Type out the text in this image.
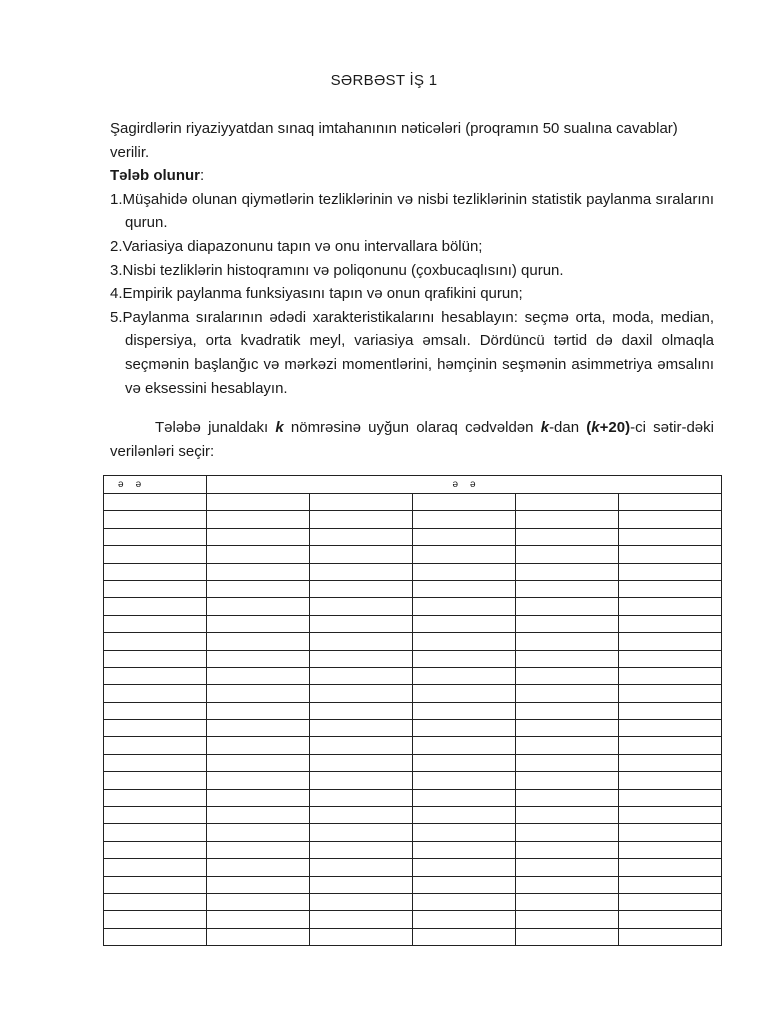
SƏRBƏST İŞ 1

Şagirdlərin riyaziyyatdan sınaq imtahanının nəticələri (proqramın 50 sualına cavablar) verilir.

Tələb olunur:

1.Müşahidə olunan qiymətlərin tezliklərinin və nisbi tezliklərinin statistik paylanma sıralarını qurun.
2.Variasiya diapazonunu tapın və onu intervallara bölün;
3.Nisbi tezliklərin histoqramını və poliqonunu (çoxbucaqlısını) qurun.
4.Empirik paylanma funksiyasını tapın və onun qrafikini qurun;
5.Paylanma sıralarının ədədi xarakteristikalarını hesablayın: seçmə orta, moda, median, dispersiya, orta kvadratik meyl, variasiya əmsalı. Dördüncü tərtid də daxil olmaqla seçmənin başlanğıc və mərkəzi momentlərini, həmçinin seşmənin asimmetriya əmsalını və eksessini hesablayın.

Tələbə junaldakı k nömrəsinə uyğun olaraq cədvəldən k-dan (k+20)-ci sətir-dəki verilənləri seçir:

ə ə	ə ə				
